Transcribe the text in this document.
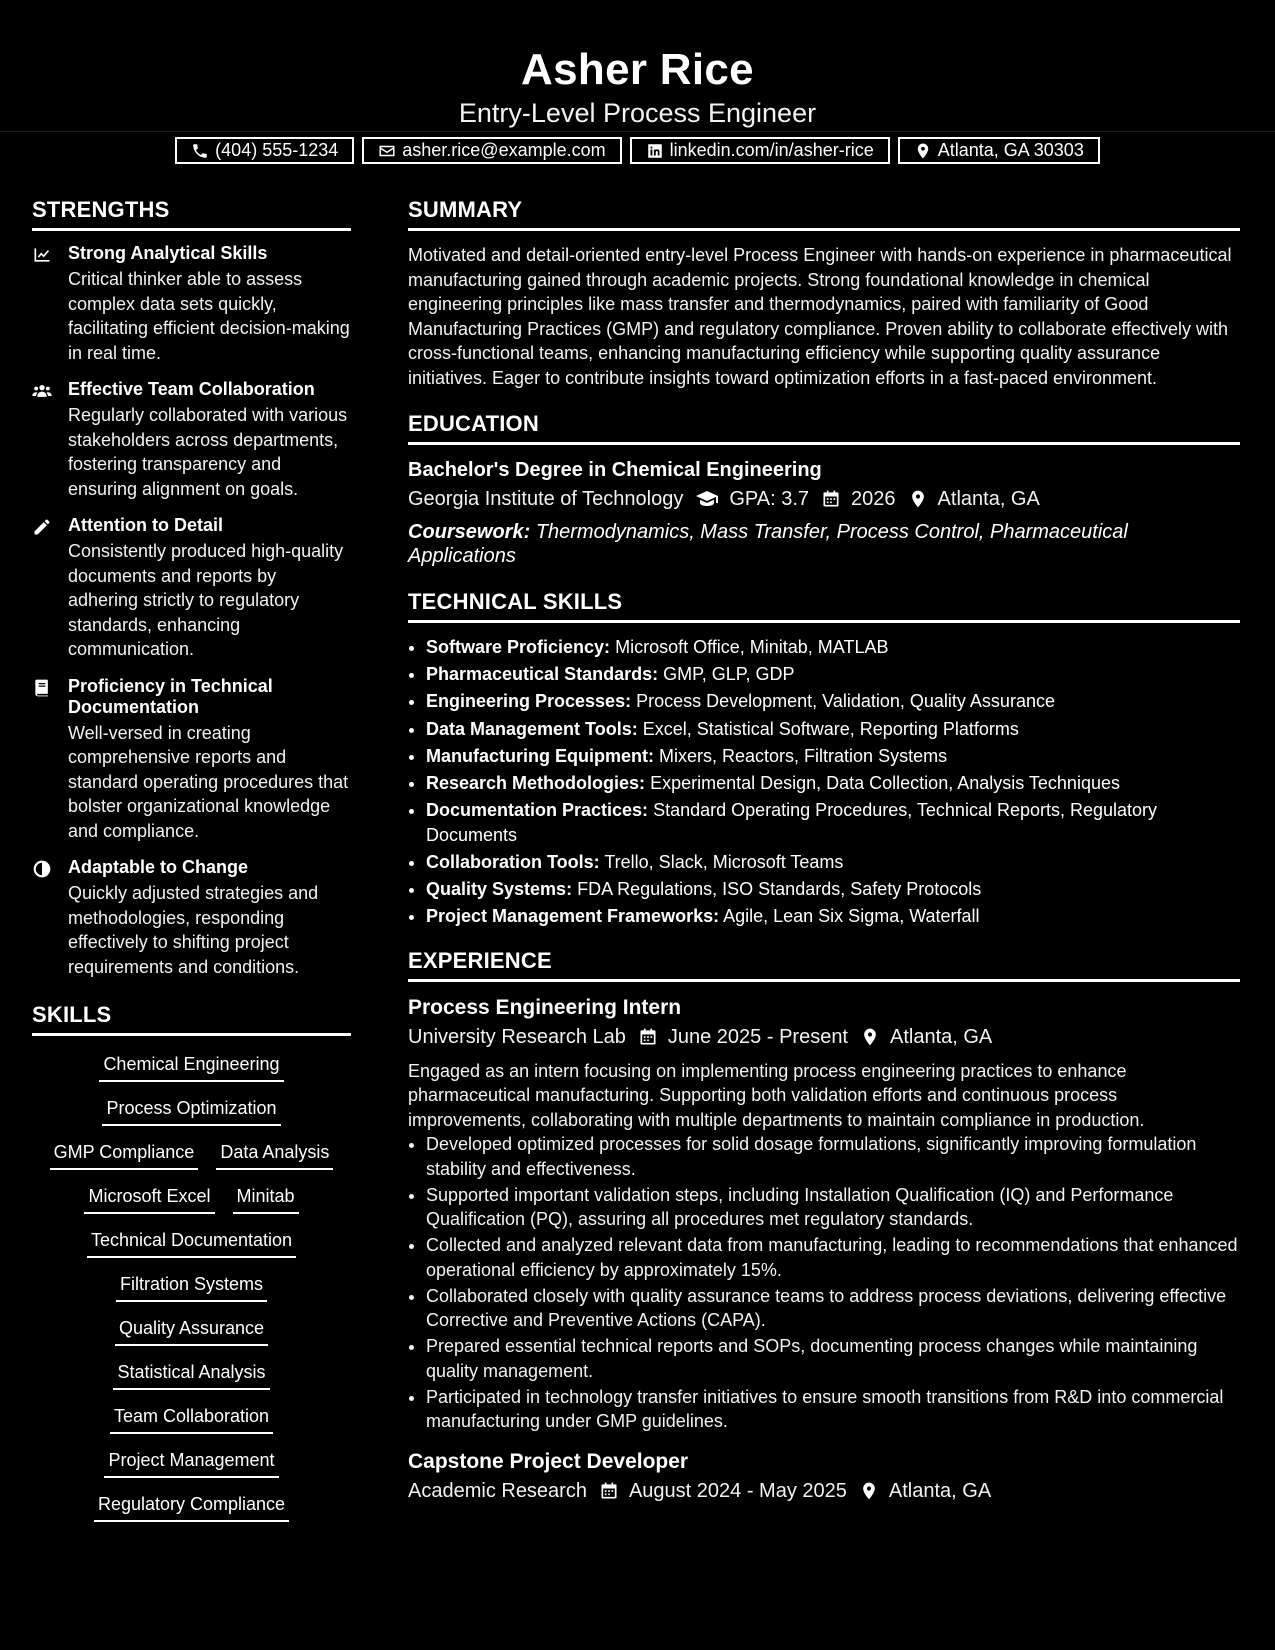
Asher Rice
Entry-Level Process Engineer
(404) 555-1234	asher.rice@example.com	linkedin.com/in/asher-rice	Atlanta, GA 30303
STRENGTHS
Strong Analytical Skills
Critical thinker able to assess complex data sets quickly, facilitating efficient decision-making in real time.
Effective Team Collaboration
Regularly collaborated with various stakeholders across departments, fostering transparency and ensuring alignment on goals.
Attention to Detail
Consistently produced high-quality documents and reports by adhering strictly to regulatory standards, enhancing communication.
Proficiency in Technical Documentation
Well-versed in creating comprehensive reports and standard operating procedures that bolster organizational knowledge and compliance.
Adaptable to Change
Quickly adjusted strategies and methodologies, responding effectively to shifting project requirements and conditions.
SKILLS
Chemical Engineering
Process Optimization
GMP Compliance Data Analysis
Microsoft Excel Minitab
Technical Documentation
Filtration Systems
Quality Assurance
Statistical Analysis
Team Collaboration
Project Management
Regulatory Compliance
SUMMARY

Motivated and detail-oriented entry-level Process Engineer with hands-on experience in pharmaceutical manufacturing gained through academic projects. Strong foundational knowledge in chemical engineering principles like mass transfer and thermodynamics, paired with familiarity of Good Manufacturing Practices (GMP) and regulatory compliance. Proven ability to collaborate effectively with cross-functional teams, enhancing manufacturing efficiency while supporting quality assurance initiatives. Eager to contribute insights toward optimization efforts in a fast-paced environment.

EDUCATION
Bachelor's Degree in Chemical Engineering
Georgia Institute of Technology GPA: 3.7 2026 Atlanta, GA
Coursework: Thermodynamics, Mass Transfer, Process Control, Pharmaceutical Applications
TECHNICAL SKILLS
• Software Proficiency: Microsoft Office, Minitab, MATLAB
• Pharmaceutical Standards: GMP, GLP, GDP
• Engineering Processes: Process Development, Validation, Quality Assurance
• Data Management Tools: Excel, Statistical Software, Reporting Platforms
• Manufacturing Equipment: Mixers, Reactors, Filtration Systems
• Research Methodologies: Experimental Design, Data Collection, Analysis Techniques
• Documentation Practices: Standard Operating Procedures, Technical Reports, Regulatory Documents
• Collaboration Tools: Trello, Slack, Microsoft Teams
• Quality Systems: FDA Regulations, ISO Standards, Safety Protocols
• Project Management Frameworks: Agile, Lean Six Sigma, Waterfall
EXPERIENCE
Process Engineering Intern
University Research Lab June 2025 - Present Atlanta, GA
Engaged as an intern focusing on implementing process engineering practices to enhance pharmaceutical manufacturing. Supporting both validation efforts and continuous process improvements, collaborating with multiple departments to maintain compliance in production.
• Developed optimized processes for solid dosage formulations, significantly improving formulation stability and effectiveness.
• Supported important validation steps, including Installation Qualification (IQ) and Performance Qualification (PQ), assuring all procedures met regulatory standards.
• Collected and analyzed relevant data from manufacturing, leading to recommendations that enhanced operational efficiency by approximately 15%.
• Collaborated closely with quality assurance teams to address process deviations, delivering effective Corrective and Preventive Actions (CAPA).
• Prepared essential technical reports and SOPs, documenting process changes while maintaining quality management.
• Participated in technology transfer initiatives to ensure smooth transitions from R&D into commercial manufacturing under GMP guidelines.
Capstone Project Developer
Academic Research August 2024 - May 2025 Atlanta, GA
